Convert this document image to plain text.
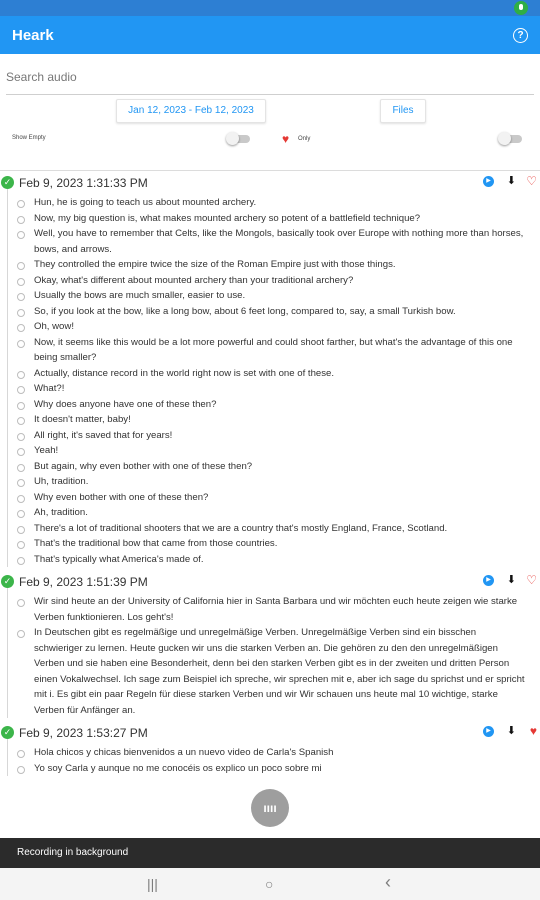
Heark	?
Search audio
Jan 12, 2023 - Feb 12, 2023	Files
Show Empty	♥ Only
✓ Feb 9, 2023 1:31:33 PM	▶ ⬇ ♡
Hun, he is going to teach us about mounted archery.
Now, my big question is, what makes mounted archery so potent of a battlefield technique?
Well, you have to remember that Celts, like the Mongols, basically took over Europe with nothing more than horses, bows, and arrows.
They controlled the empire twice the size of the Roman Empire just with those things.
Okay, what's different about mounted archery than your traditional archery?
Usually the bows are much smaller, easier to use.
So, if you look at the bow, like a long bow, about 6 feet long, compared to, say, a small Turkish bow.
Oh, wow!
Now, it seems like this would be a lot more powerful and could shoot farther, but what's the advantage of this one being smaller?
Actually, distance record in the world right now is set with one of these.
What?!
Why does anyone have one of these then?
It doesn't matter, baby!
All right, it's saved that for years!
Yeah!
But again, why even bother with one of these then?
Uh, tradition.
Why even bother with one of these then?
Ah, tradition.
There's a lot of traditional shooters that we are a country that's mostly England, France, Scotland.
That's the traditional bow that came from those countries.
That's typically what America's made of.
✓ Feb 9, 2023 1:51:39 PM	▶ ⬇ ♡
Wir sind heute an der University of California hier in Santa Barbara und wir möchten euch heute zeigen wie starke Verben funktionieren. Los geht's!
In Deutschen gibt es regelmäßige und unregelmäßige Verben. Unregelmäßige Verben sind ein bisschen schwieriger zu lernen. Heute gucken wir uns die starken Verben an. Die gehören zu den den unregelmäßigen Verben und sie haben eine Besonderheit, denn bei den starken Verben gibt es in der zweiten und dritten Person einen Vokalwechsel. Ich sage zum Beispiel ich spreche, wir sprechen mit e, aber ich sage du sprichst und er spricht mit i. Es gibt ein paar Regeln für diese starken Verben und wir Wir schauen uns heute mal 10 wichtige, starke Verben für Anfänger an.
✓ Feb 9, 2023 1:53:27 PM	▶ ⬇ ♥
Hola chicos y chicas bienvenidos a un nuevo video de Carla's Spanish
Yo soy Carla y aunque no me conocéis os explico un poco sobre mi
ıııı
Recording in background
|||	○	‹
